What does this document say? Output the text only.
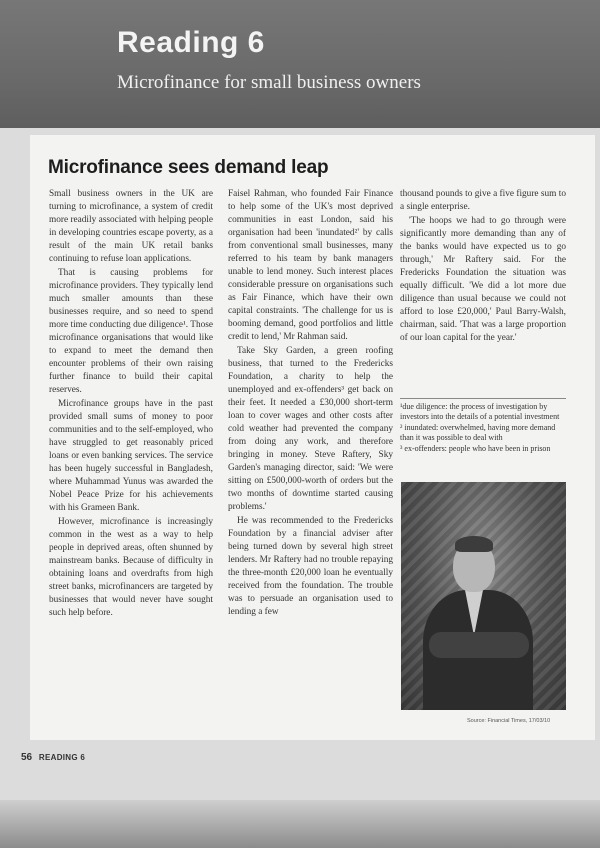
Reading 6
Microfinance for small business owners
Microfinance sees demand leap

Small business owners in the UK are turning to microfinance, a system of credit more readily associated with helping people in developing countries escape poverty, as a result of the main UK retail banks continuing to refuse loan applications.

That is causing problems for microfinance providers. They typically lend much smaller amounts than these businesses require, and so need to spend more time conducting due diligence¹. Those microfinance organisations that would like to expand to meet the demand then encounter problems of their own raising further finance to build their capital reserves.

Microfinance groups have in the past provided small sums of money to poor communities and to the self-employed, who have struggled to get reasonably priced loans or even banking services. The service has been hugely successful in Bangladesh, where Muhammad Yunus was awarded the Nobel Peace Prize for his achievements with his Grameen Bank.

However, microfinance is increasingly common in the west as a way to help people in deprived areas, often shunned by mainstream banks. Because of difficulty in obtaining loans and overdrafts from high street banks, microfinancers are targeted by businesses that would never have sought such help before.

Faisel Rahman, who founded Fair Finance to help some of the UK's most deprived communities in east London, said his organisation had been 'inundated²' by calls from conventional small businesses, many referred to his team by bank managers unable to lend money. Such interest places considerable pressure on organisations such as Fair Finance, which have their own capital constraints. 'The challenge for us is booming demand, good portfolios and little credit to lend,' Mr Rahman said.

Take Sky Garden, a green roofing business, that turned to the Fredericks Foundation, a charity to help the unemployed and ex-offenders³ get back on their feet. It needed a £30,000 short-term loan to cover wages and other costs after cold weather had prevented the company from doing any work, and therefore bringing in money. Steve Raftery, Sky Garden's managing director, said: 'We were sitting on £500,000-worth of orders but the two months of downtime started causing problems.'

He was recommended to the Fredericks Foundation by a financial adviser after being turned down by several high street lenders. Mr Raftery had no trouble repaying the three-month £20,000 loan he eventually received from the foundation. The trouble was to persuade an organisation used to lending a few

thousand pounds to give a five figure sum to a single enterprise.

'The hoops we had to go through were significantly more demanding than any of the banks would have expected us to go through,' Mr Raftery said. For the Fredericks Foundation the situation was equally difficult. 'We did a lot more due diligence than usual because we could not afford to lose £20,000,' Paul Barry-Walsh, chairman, said. 'That was a large proportion of our loan capital for the year.'

¹due diligence: the process of investigation by investors into the details of a potential investment
² inundated: overwhelmed, having more demand than it was possible to deal with
³ ex-offenders: people who have been in prison
Source: Financial Times, 17/03/10
56 READING 6
